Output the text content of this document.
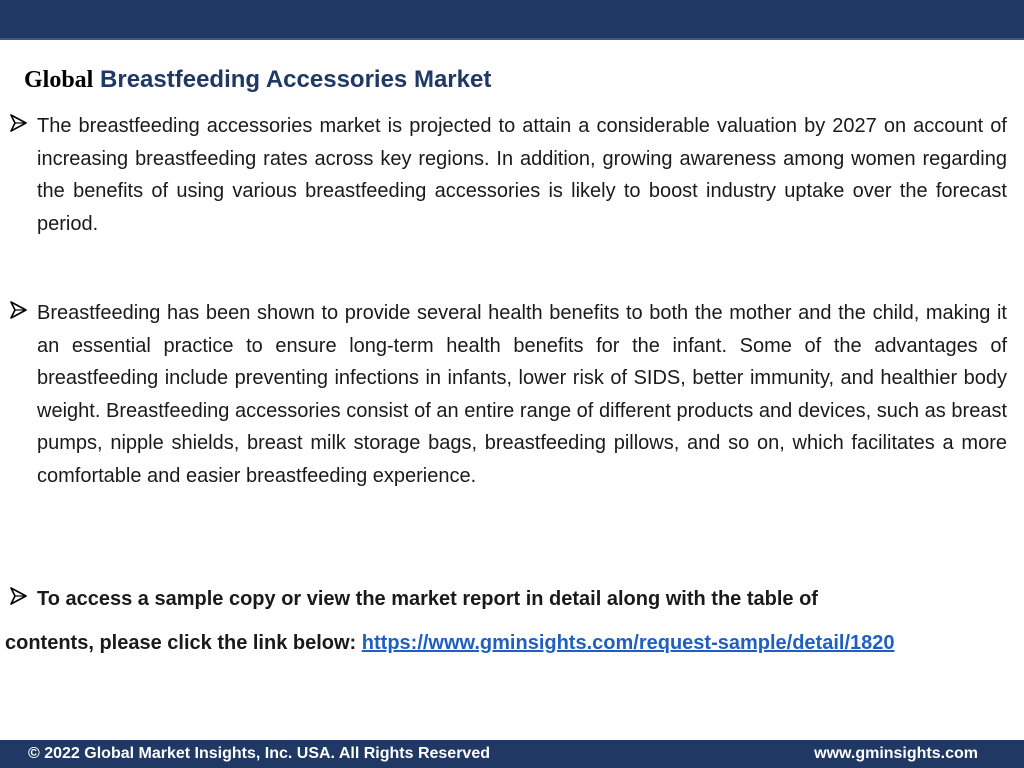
Global Breastfeeding Accessories Market

The breastfeeding accessories market is projected to attain a considerable valuation by 2027 on account of increasing breastfeeding rates across key regions. In addition, growing awareness among women regarding the benefits of using various breastfeeding accessories is likely to boost industry uptake over the forecast period.

Breastfeeding has been shown to provide several health benefits to both the mother and the child, making it an essential practice to ensure long-term health benefits for the infant. Some of the advantages of breastfeeding include preventing infections in infants, lower risk of SIDS, better immunity, and healthier body weight. Breastfeeding accessories consist of an entire range of different products and devices, such as breast pumps, nipple shields, breast milk storage bags, breastfeeding pillows, and so on, which facilitates a more comfortable and easier breastfeeding experience.

To access a sample copy or view the market report in detail along with the table of

contents, please click the link below: https://www.gminsights.com/request-sample/detail/1820

© 2022 Global Market Insights, Inc. USA. All Rights Reserved	www.gminsights.com
